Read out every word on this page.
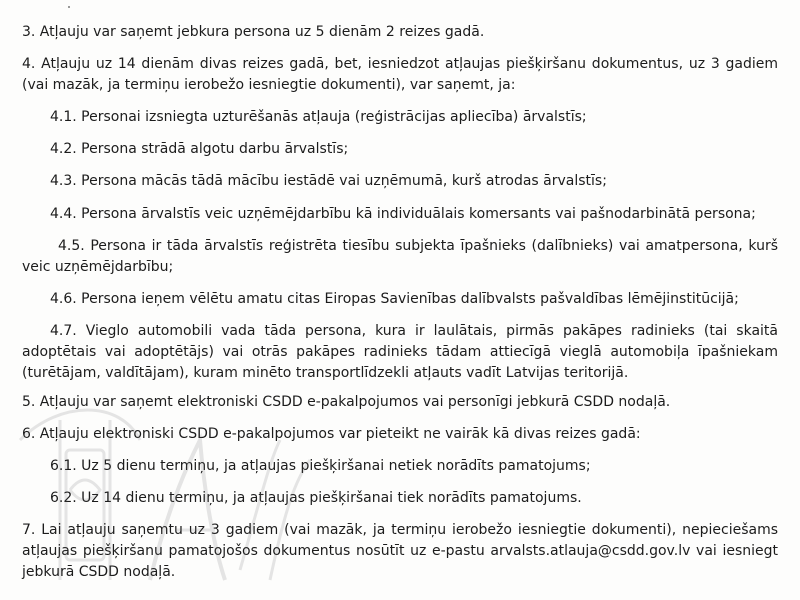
3. Atļauju var saņemt jebkura persona uz 5 dienām 2 reizes gadā.

4. Atļauju uz 14 dienām divas reizes gadā, bet, iesniedzot atļaujas piešķiršanu dokumentus, uz 3 gadiem (vai mazāk, ja termiņu ierobežo iesniegtie dokumenti), var saņemt, ja:

4.1. Personai izsniegta uzturēšanās atļauja (reģistrācijas apliecība) ārvalstīs;

4.2. Persona strādā algotu darbu ārvalstīs;

4.3. Persona mācās tādā mācību iestādē vai uzņēmumā, kurš atrodas ārvalstīs;

4.4. Persona ārvalstīs veic uzņēmējdarbību kā individuālais komersants vai pašnodarbinātā persona;

4.5. Persona ir tāda ārvalstīs reģistrēta tiesību subjekta īpašnieks (dalībnieks) vai amatpersona, kurš veic uzņēmējdarbību;

4.6. Persona ieņem vēlētu amatu citas Eiropas Savienības dalībvalsts pašvaldības lēmējinstitūcijā;

4.7. Vieglo automobili vada tāda persona, kura ir laulātais, pirmās pakāpes radinieks (tai skaitā adoptētais vai adoptētājs) vai otrās pakāpes radinieks tādam attiecīgā vieglā automobiļa īpašniekam (turētājam, valdītājam), kuram minēto transportlīdzekli atļauts vadīt Latvijas teritorijā.

5. Atļauju var saņemt elektroniski CSDD e-pakalpojumos vai personīgi jebkurā CSDD nodaļā.

6. Atļauju elektroniski CSDD e-pakalpojumos var pieteikt ne vairāk kā divas reizes gadā:

6.1. Uz 5 dienu termiņu, ja atļaujas piešķiršanai netiek norādīts pamatojums;

6.2. Uz 14 dienu termiņu, ja atļaujas piešķiršanai tiek norādīts pamatojums.

7. Lai atļauju saņemtu uz 3 gadiem (vai mazāk, ja termiņu ierobežo iesniegtie dokumenti), nepieciešams atļaujas piešķiršanu pamatojošos dokumentus nosūtīt uz e-pastu arvalsts.atlauja@csdd.gov.lv vai iesniegt jebkurā CSDD nodaļā.
